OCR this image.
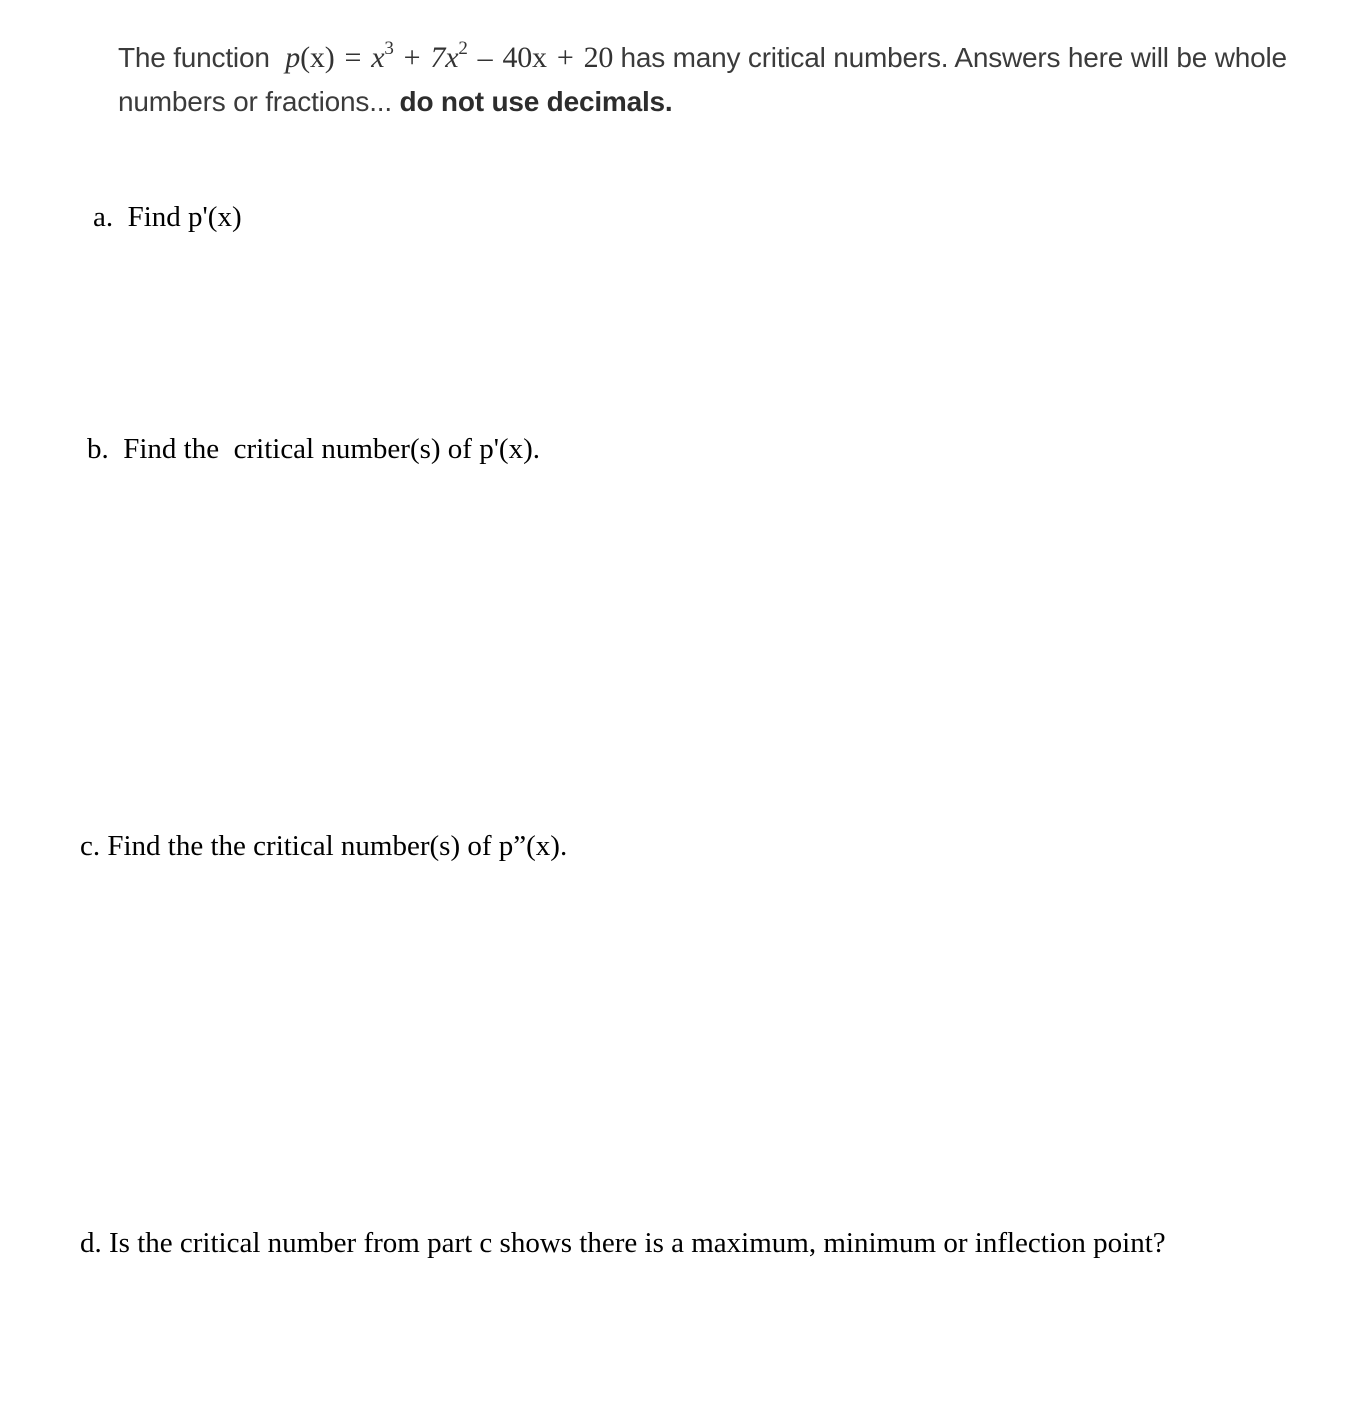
The function $p(x) = x^3 + 7x^2 - 40x + 20$ has many critical numbers. Answers here will be whole numbers or fractions... do not use decimals.
a.  Find p'(x)
b.  Find the  critical number(s) of p'(x).
c. Find the the critical number(s) of p”(x).
d. Is the critical number from part c shows there is a maximum, minimum or inflection point?
